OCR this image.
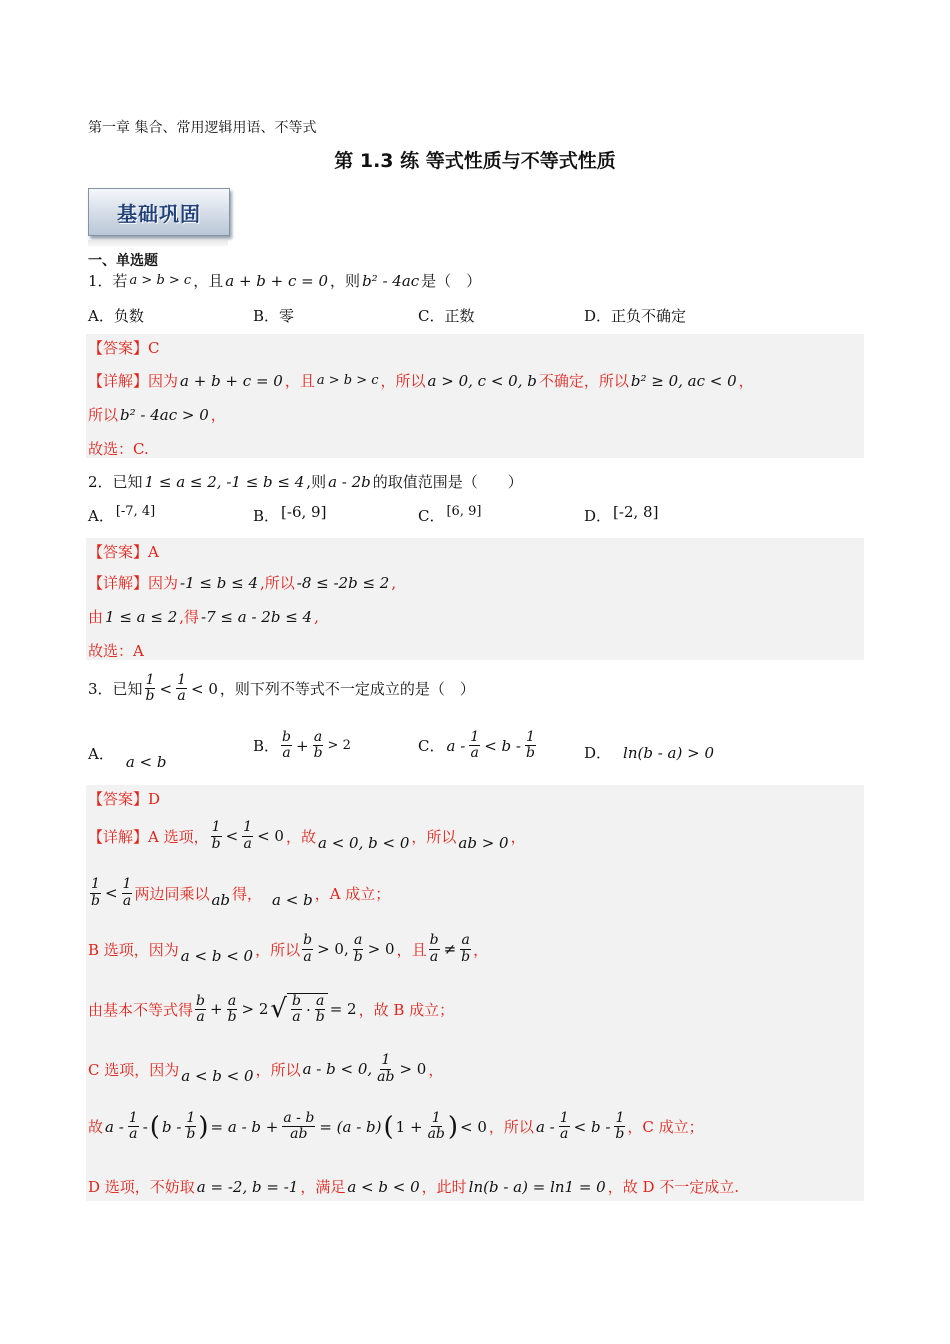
第一章 集合、常用逻辑用语、不等式
第 1.3 练 等式性质与不等式性质
基础巩固
一、单选题
1．若 a > b > c ，且 a + b + c = 0 ，则 b² - 4ac 是（　）
A． 负数	B． 零	C． 正数	D． 正负不确定
【答案】C
【详解】因为 a + b + c = 0 ，且 a > b > c ，所以 a > 0, c < 0, b 不确定，所以 b² ≥ 0, ac < 0 ，
所以 b² - 4ac > 0 ，
故选：C.
2．已知 1 ≤ a ≤ 2, -1 ≤ b ≤ 4 ,则 a - 2b 的取值范围是（　　）
A． [-7, 4]	B． [-6, 9]	C． [6, 9]	D． [-2, 8]
【答案】A
【详解】因为 -1 ≤ b ≤ 4 ,所以 -8 ≤ -2b ≤ 2 ,
由 1 ≤ a ≤ 2 ,得 -7 ≤ a - 2b ≤ 4 ,
故选：A
3．已知 $\frac{1}{b} < \frac{1}{a} < 0$ ，则下列不等式不一定成立的是（　）
A． a < b
B． $\frac{b}{a} + \frac{a}{b} > 2$	C． $a - \frac{1}{a} < b - \frac{1}{b}$	D． ln(b - a) > 0
【答案】D
【详解】A 选项， $\frac{1}{b} < \frac{1}{a} < 0$ ，故 a < 0, b < 0 ，所以 ab > 0 ，
$\frac{1}{b} < \frac{1}{a}$ 两边同乘以 ab 得， a < b ，A 成立；
B 选项，因为 a < b < 0 ，所以 $\frac{b}{a} > 0$, $\frac{a}{b} > 0$ ，且 $\frac{b}{a} \ne \frac{a}{b}$ ，
由基本不等式得 $\frac{b}{a} + \frac{a}{b} > 2$ √ $\frac{b}{a} \cdot \frac{a}{b} = 2$ ，故 B 成立；
C 选项，因为 a < b < 0 ，所以 a - b < 0, $\frac{1}{ab} > 0$ ，
故 a - $\frac{1}{a}$ - ( b - $\frac{1}{b}$ ) = $a - b + \frac{a - b}{ab} = (a - b)$ ( $1 + \frac{1}{ab}$ ) < 0 ，所以 $a - \frac{1}{a} < b - \frac{1}{b}$ ，C 成立；
D 选项，不妨取 a = -2, b = -1 ，满足 a < b < 0 ，此时 ln(b - a) = ln1 = 0 ，故 D 不一定成立.
